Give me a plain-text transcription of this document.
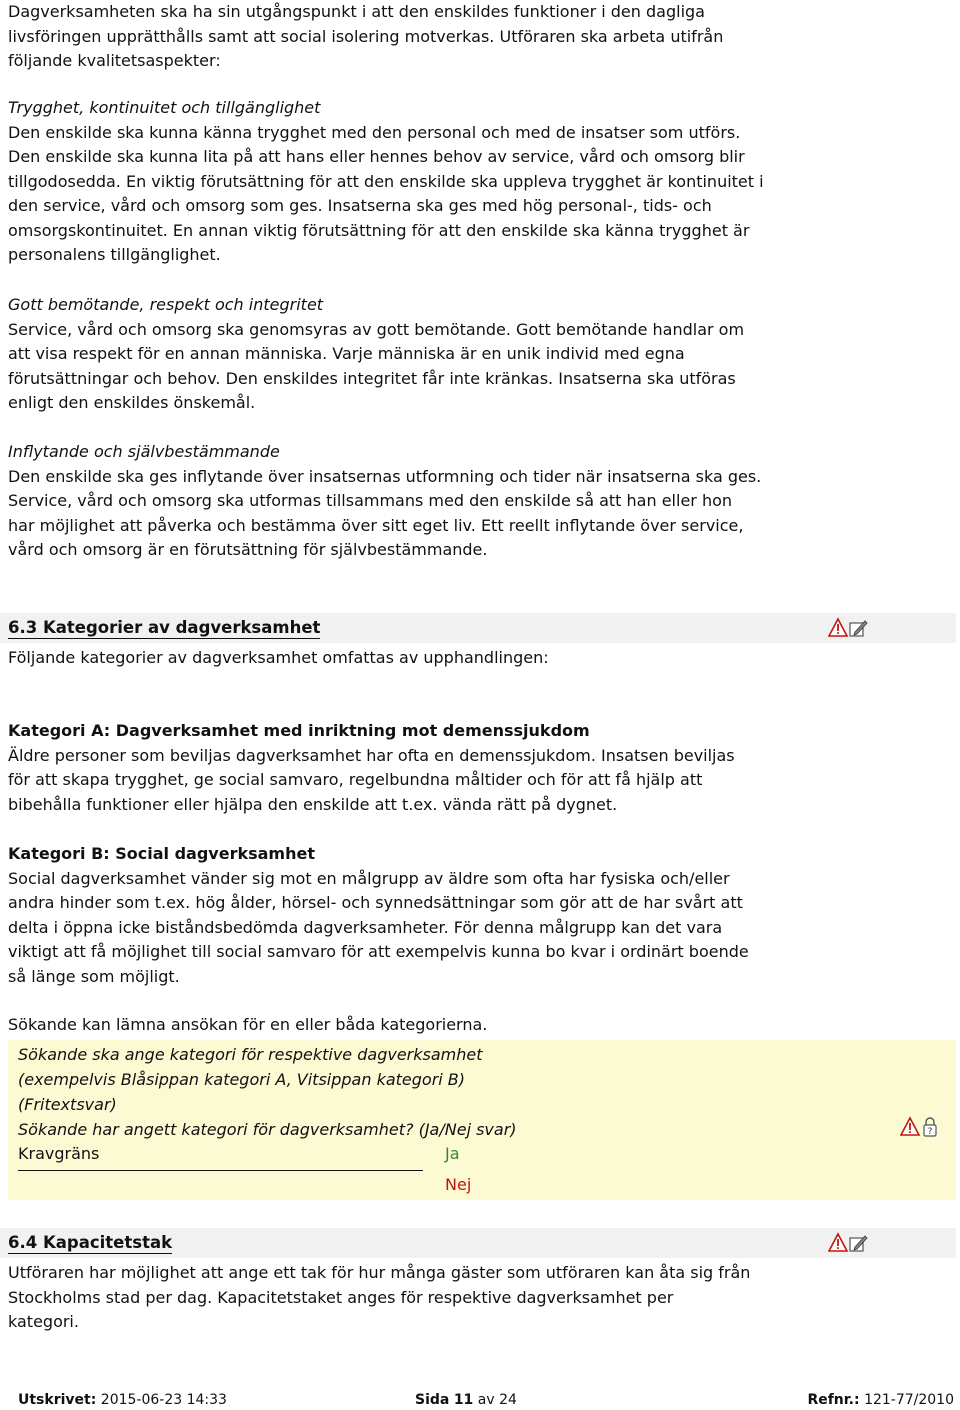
Dagverksamheten ska ha sin utgångspunkt i att den enskildes funktioner i den dagliga

livsföringen upprätthålls samt att social isolering motverkas. Utföraren ska arbeta utifrån

följande kvalitetsaspekter:

Trygghet, kontinuitet och tillgänglighet

Den enskilde ska kunna känna trygghet med den personal och med de insatser som utförs.

Den enskilde ska kunna lita på att hans eller hennes behov av service, vård och omsorg blir

tillgodosedda. En viktig förutsättning för att den enskilde ska uppleva trygghet är kontinuitet i

den service, vård och omsorg som ges. Insatserna ska ges med hög personal-, tids- och

omsorgskontinuitet. En annan viktig förutsättning för att den enskilde ska känna trygghet är

personalens tillgänglighet.

Gott bemötande, respekt och integritet

Service, vård och omsorg ska genomsyras av gott bemötande. Gott bemötande handlar om

att visa respekt för en annan människa. Varje människa är en unik individ med egna

förutsättningar och behov. Den enskildes integritet får inte kränkas. Insatserna ska utföras

enligt den enskildes önskemål.

Inflytande och självbestämmande

Den enskilde ska ges inflytande över insatsernas utformning och tider när insatserna ska ges.

Service, vård och omsorg ska utformas tillsammans med den enskilde så att han eller hon

har möjlighet att påverka och bestämma över sitt eget liv. Ett reellt inflytande över service,

vård och omsorg är en förutsättning för självbestämmande.

6.3 Kategorier av dagverksamhet

Följande kategorier av dagverksamhet omfattas av upphandlingen:

Kategori A: Dagverksamhet med inriktning mot demenssjukdom

Äldre personer som beviljas dagverksamhet har ofta en demenssjukdom. Insatsen beviljas

för att skapa trygghet, ge social samvaro, regelbundna måltider och för att få hjälp att

bibehålla funktioner eller hjälpa den enskilde att t.ex. vända rätt på dygnet.

Kategori B: Social dagverksamhet

Social dagverksamhet vänder sig mot en målgrupp av äldre som ofta har fysiska och/eller

andra hinder som t.ex. hög ålder, hörsel- och synnedsättningar som gör att de har svårt att

delta i öppna icke biståndsbedömda dagverksamheter. För denna målgrupp kan det vara

viktigt att få möjlighet till social samvaro för att exempelvis kunna bo kvar i ordinärt boende

så länge som möjligt.

Sökande kan lämna ansökan för en eller båda kategorierna.

Sökande ska ange kategori för respektive dagverksamhet
(exempelvis Blåsippan kategori A, Vitsippan kategori B)
(Fritextsvar)
Sökande har angett kategori för dagverksamhet? (Ja/Nej svar)
Kravgräns	Ja
Nej
?
6.4 Kapacitetstak

Utföraren har möjlighet att ange ett tak för hur många gäster som utföraren kan åta sig från

Stockholms stad per dag. Kapacitetstaket anges för respektive dagverksamhet per

kategori.

Utskrivet: 2015-06-23 14:33	Sida 11 av 24	Refnr.: 121-77/2010
